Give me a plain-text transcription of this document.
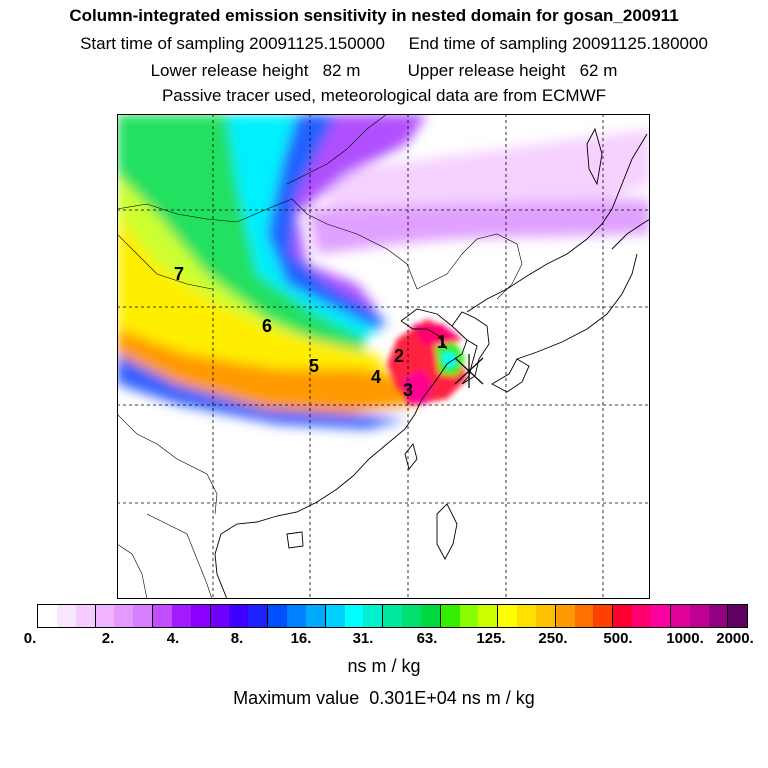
Column-integrated emission sensitivity in nested domain for gosan_200911
Start time of sampling 20091125.150000     End time of sampling 20091125.180000
Lower release height   82 m          Upper release height   62 m
Passive tracer used, meteorological data are from ECMWF
1
2
3
4
5
6
7
0.	2.	4.	8.	16.	31.	63.	125. 250. 500. 1000. 2000.
ns m / kg
Maximum value  0.301E+04 ns m / kg
